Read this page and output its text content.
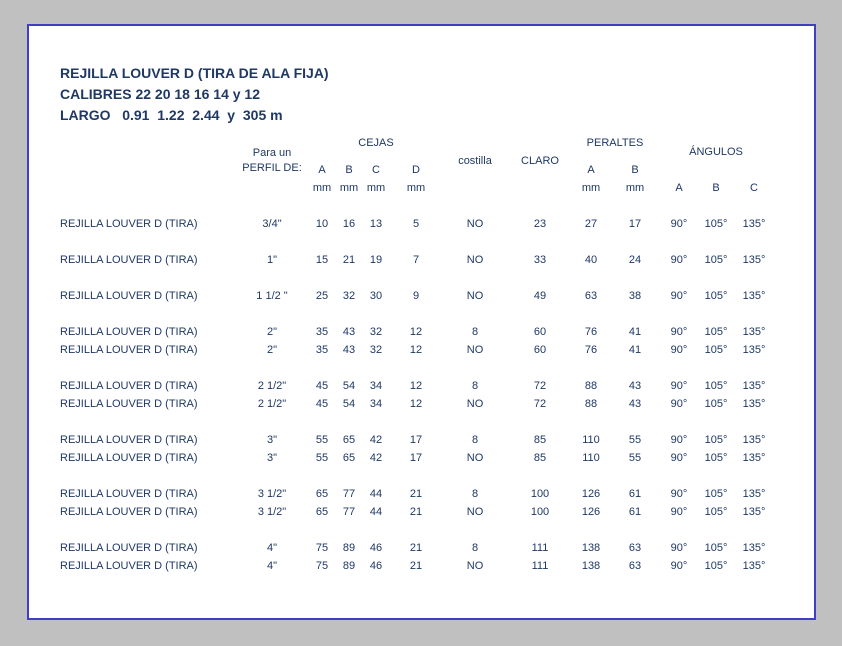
REJILLA LOUVER D (TIRA DE ALA FIJA)
CALIBRES 22 20 18 16 14 y 12
LARGO   0.91  1.22  2.44  y  305 m
Para un
PERFIL DE:
CEJAS
A B C	D
mm mm mm mm
costilla	CLARO
PERALTES
A	B
mm mm
ÁNGULOS
A	B	C
REJILLA LOUVER D (TIRA)	3/4"	10 16 13	5	NO	23	27	17	90° 105° 135°
REJILLA LOUVER D (TIRA)	1"	15 21 19	7	NO	33	40	24	90° 105° 135°
REJILLA LOUVER D (TIRA)	1 1/2 "	25 32 30	9	NO	49	63	38	90° 105° 135°
REJILLA LOUVER D (TIRA)	2"	35 43 32	12	8	60	76	41	90° 105° 135°
REJILLA LOUVER D (TIRA)	2"	35 43 32	12	NO	60	76	41	90° 105° 135°
REJILLA LOUVER D (TIRA)	2 1/2"	45 54 34	12	8	72	88	43	90° 105° 135°
REJILLA LOUVER D (TIRA)	2 1/2"	45 54 34	12	NO	72	88	43	90° 105° 135°
REJILLA LOUVER D (TIRA)	3"	55 65 42	17	8	85	110	55	90° 105° 135°
REJILLA LOUVER D (TIRA)	3"	55 65 42	17	NO	85	110	55	90° 105° 135°
REJILLA LOUVER D (TIRA)	3 1/2"	65 77 44	21	8	100	126	61	90° 105° 135°
REJILLA LOUVER D (TIRA)	3 1/2"	65 77 44	21	NO	100	126	61	90° 105° 135°
REJILLA LOUVER D (TIRA)	4"	75 89 46	21	8	111	138	63	90° 105° 135°
REJILLA LOUVER D (TIRA)	4"	75 89 46	21	NO	111	138	63	90° 105° 135°
